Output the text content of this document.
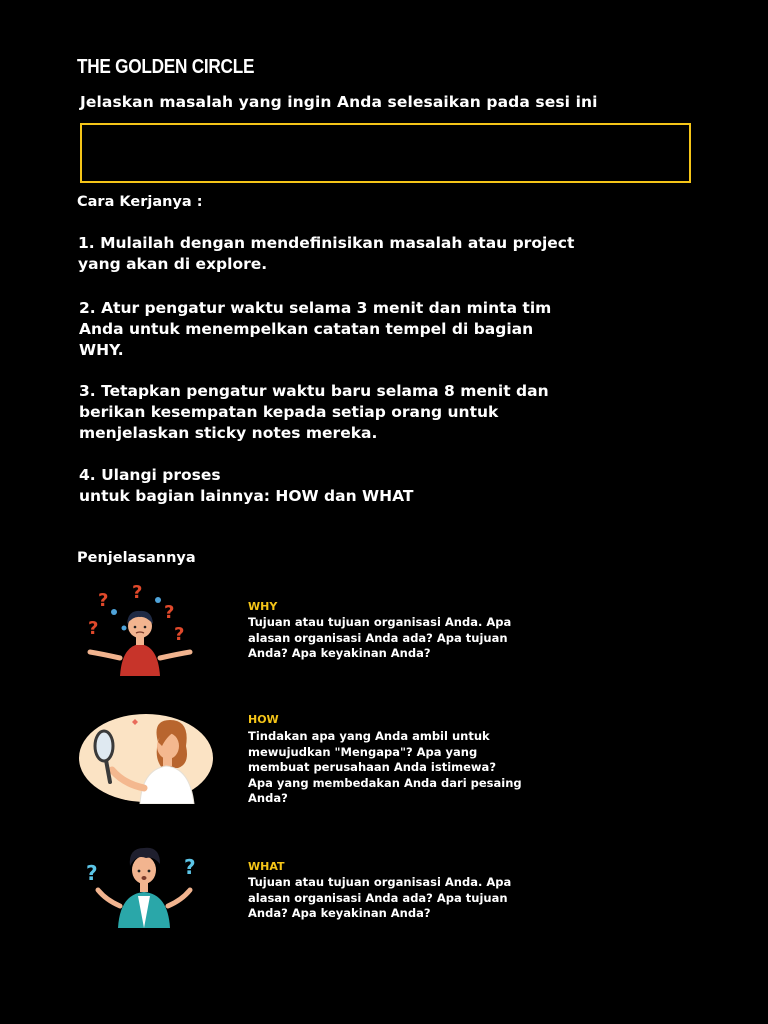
THE GOLDEN CIRCLE
Jelaskan masalah yang ingin Anda selesaikan pada sesi ini
Cara Kerjanya :
1. Mulailah dengan mendefinisikan masalah atau project
yang akan di explore.
2. Atur pengatur waktu selama 3 menit dan minta tim
Anda untuk menempelkan catatan tempel di bagian
WHY.
3. Tetapkan pengatur waktu baru selama 8 menit dan
berikan kesempatan kepada setiap orang untuk
menjelaskan sticky notes mereka.
4. Ulangi proses
untuk bagian lainnya: HOW dan WHAT
Penjelasannya
? ?
?
?	?
?	?
WHY
Tujuan atau tujuan organisasi Anda. Apa
alasan organisasi Anda ada? Apa tujuan
Anda? Apa keyakinan Anda?
HOW
Tindakan apa yang Anda ambil untuk
mewujudkan "Mengapa"? Apa yang
membuat perusahaan Anda istimewa?
Apa yang membedakan Anda dari pesaing
Anda?
WHAT
Tujuan atau tujuan organisasi Anda. Apa
alasan organisasi Anda ada? Apa tujuan
Anda? Apa keyakinan Anda?
